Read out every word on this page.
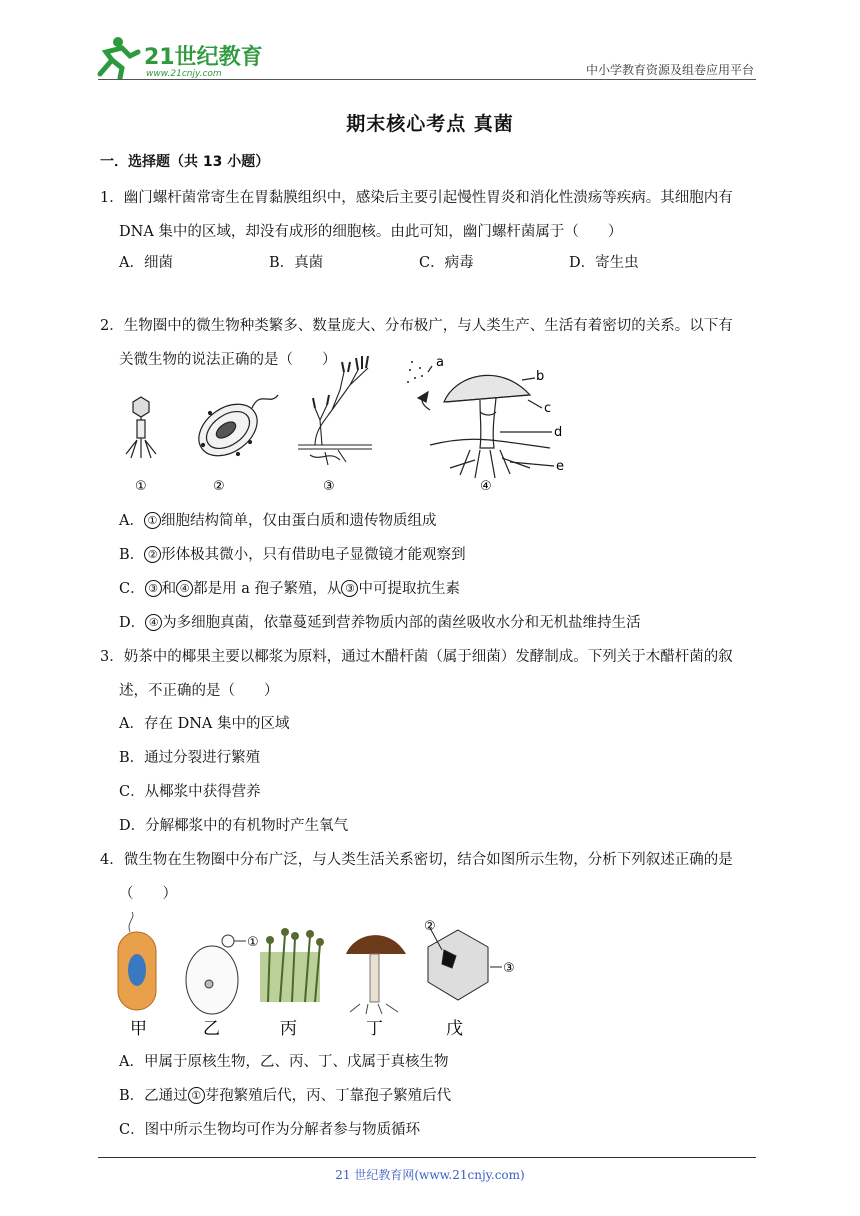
21世纪教育
www.21cnjy.com	中小学教育资源及组卷应用平台
期末核心考点 真菌
一．选择题（共 13 小题）
1．幽门螺杆菌常寄生在胃黏膜组织中，感染后主要引起慢性胃炎和消化性溃疡等疾病。其细胞内有
DNA 集中的区域，却没有成形的细胞核。由此可知，幽门螺杆菌属于（　　）
A．细菌	B．真菌	C．病毒	D．寄生虫
2．生物圈中的微生物种类繁多、数量庞大、分布极广，与人类生产、生活有着密切的关系。以下有
关微生物的说法正确的是（　　）	a
b
c
d
e
①	②	③	④
A． ① 细胞结构简单，仅由蛋白质和遗传物质组成
B． ② 形体极其微小，只有借助电子显微镜才能观察到
C． ③ 和 ④ 都是用 a 孢子繁殖，从 ③ 中可提取抗生素
D． ④ 为多细胞真菌，依靠蔓延到营养物质内部的菌丝吸收水分和无机盐维持生活
3．奶茶中的椰果主要以椰浆为原料，通过木醋杆菌（属于细菌）发酵制成。下列关于木醋杆菌的叙
述，不正确的是（　　）
A．存在 DNA 集中的区域
B．通过分裂进行繁殖
C．从椰浆中获得营养
D．分解椰浆中的有机物时产生氧气
4．微生物在生物圈中分布广泛，与人类生活关系密切，结合如图所示生物，分析下列叙述正确的是
（　　）
①
②
③
甲	乙	丙	丁	戊
A．甲属于原核生物，乙、丙、丁、戊属于真核生物
B．乙通过 ① 芽孢繁殖后代，丙、丁靠孢子繁殖后代
C．图中所示生物均可作为分解者参与物质循环
21 世纪教育网(www.21cnjy.com)
